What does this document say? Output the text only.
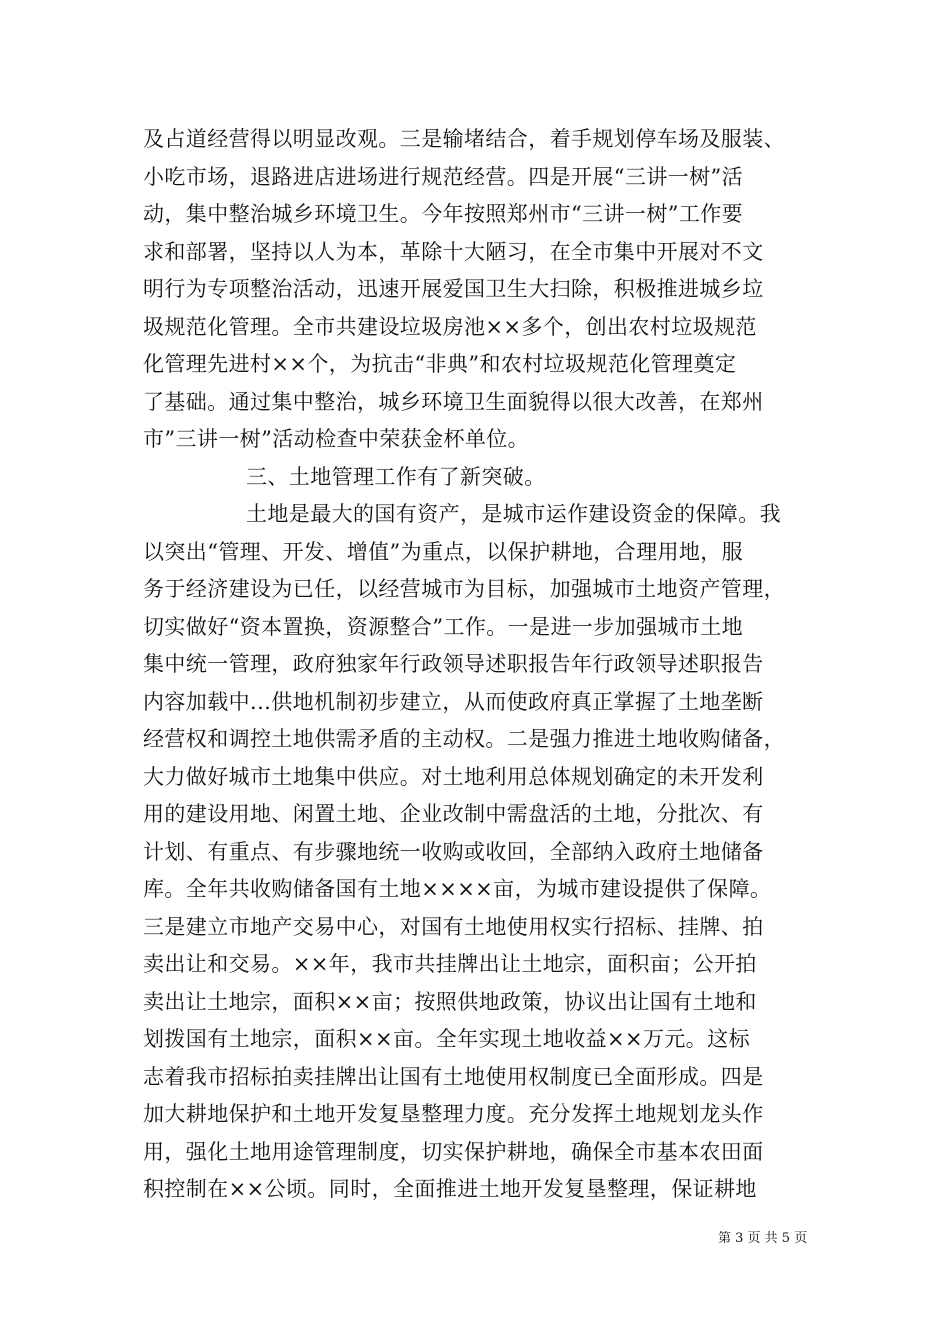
及占道经营得以明显改观。三是输堵结合，着手规划停车场及服装、
小吃市场，退路进店进场进行规范经营。四是开展“三讲一树”活
动，集中整治城乡环境卫生。今年按照郑州市“三讲一树”工作要
求和部署，坚持以人为本，革除十大陋习，在全市集中开展对不文
明行为专项整治活动，迅速开展爱国卫生大扫除，积极推进城乡垃
圾规范化管理。全市共建设垃圾房池××多个，创出农村垃圾规范
化管理先进村××个，为抗击“非典”和农村垃圾规范化管理奠定
了基础。通过集中整治，城乡环境卫生面貌得以很大改善，在郑州
市”三讲一树”活动检查中荣获金杯单位。
三、土地管理工作有了新突破。
土地是最大的国有资产，是城市运作建设资金的保障。我
以突出“管理、开发、增值”为重点，以保护耕地，合理用地，服
务于经济建设为已任，以经营城市为目标，加强城市土地资产管理，
切实做好“资本置换，资源整合”工作。一是进一步加强城市土地
集中统一管理，政府独家年行政领导述职报告年行政领导述职报告
内容加载中...供地机制初步建立，从而使政府真正掌握了土地垄断
经营权和调控土地供需矛盾的主动权。二是强力推进土地收购储备，
大力做好城市土地集中供应。对土地利用总体规划确定的未开发利
用的建设用地、闲置土地、企业改制中需盘活的土地，分批次、有
计划、有重点、有步骤地统一收购或收回，全部纳入政府土地储备
库。全年共收购储备国有土地××××亩，为城市建设提供了保障。
三是建立市地产交易中心，对国有土地使用权实行招标、挂牌、拍
卖出让和交易。××年，我市共挂牌出让土地宗，面积亩；公开拍
卖出让土地宗，面积××亩；按照供地政策，协议出让国有土地和
划拨国有土地宗，面积××亩。全年实现土地收益××万元。这标
志着我市招标拍卖挂牌出让国有土地使用权制度已全面形成。四是
加大耕地保护和土地开发复垦整理力度。充分发挥土地规划龙头作
用，强化土地用途管理制度，切实保护耕地，确保全市基本农田面
积控制在××公顷。同时，全面推进土地开发复垦整理，保证耕地
第 3 页 共 5 页
